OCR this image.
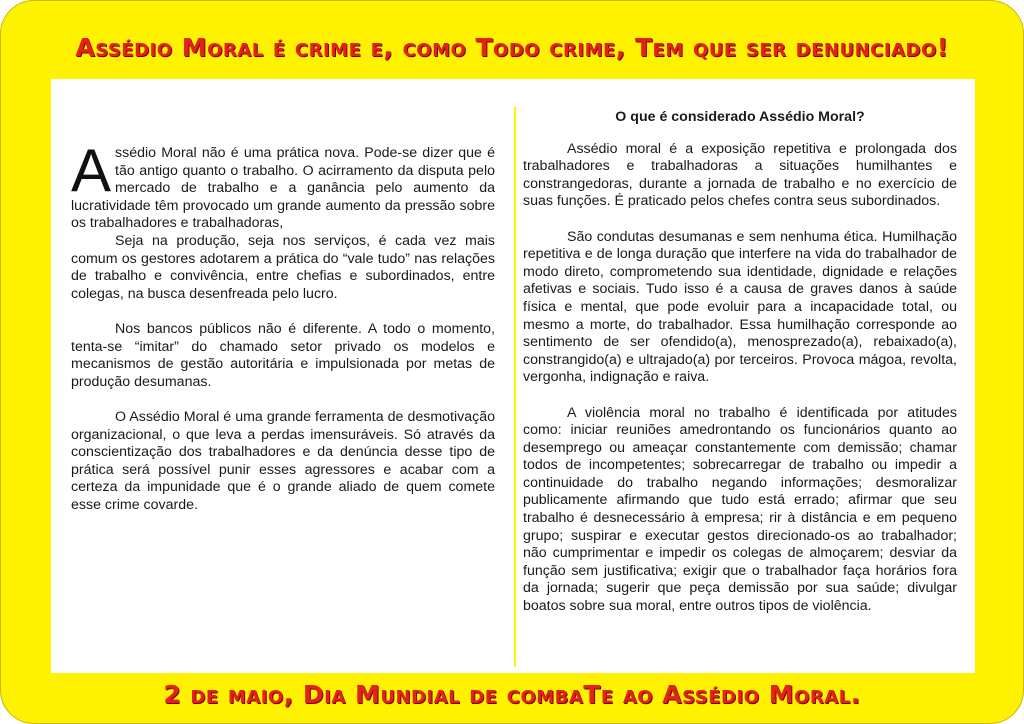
Assédio Moral é crime e, como Todo crime, Tem que ser denunciado!

Assédio Moral não é uma prática nova. Pode-se dizer que é tão antigo quanto o trabalho. O acirramento da disputa pelo mercado de trabalho e a ganância pelo aumento da lucratividade têm provocado um grande aumento da pressão sobre os trabalhadores e trabalhadoras,

Seja na produção, seja nos serviços, é cada vez mais comum os gestores adotarem a prática do “vale tudo” nas relações de trabalho e convivência, entre chefias e subordinados, entre colegas, na busca desenfreada pelo lucro.

Nos bancos públicos não é diferente. A todo o momento, tenta-se “imitar” do chamado setor privado os modelos e mecanismos de gestão autoritária e impulsionada por metas de produção desumanas.

O Assédio Moral é uma grande ferramenta de desmotivação organizacional, o que leva a perdas imensuráveis. Só através da conscientização dos trabalhadores e da denúncia desse tipo de prática será possível punir esses agressores e acabar com a certeza da impunidade que é o grande aliado de quem comete esse crime covarde.

O que é considerado Assédio Moral?

Assédio moral é a exposição repetitiva e prolongada dos trabalhadores e trabalhadoras a situações humilhantes e constrangedoras, durante a jornada de trabalho e no exercício de suas funções. É praticado pelos chefes contra seus subordinados.

São condutas desumanas e sem nenhuma ética. Humilhação repetitiva e de longa duração que interfere na vida do trabalhador de modo direto, comprometendo sua identidade, dignidade e relações afetivas e sociais. Tudo isso é a causa de graves danos à saúde física e mental, que pode evoluir para a incapacidade total, ou mesmo a morte, do trabalhador. Essa humilhação corresponde ao sentimento de ser ofendido(a), menosprezado(a), rebaixado(a), constrangido(a) e ultrajado(a) por terceiros. Provoca mágoa, revolta, vergonha, indignação e raiva.

A violência moral no trabalho é identificada por atitudes como: iniciar reuniões amedrontando os funcionários quanto ao desemprego ou ameaçar constantemente com demissão; chamar todos de incompetentes; sobrecarregar de trabalho ou impedir a continuidade do trabalho negando informações; desmoralizar publicamente afirmando que tudo está errado; afirmar que seu trabalho é desnecessário à empresa; rir à distância e em pequeno grupo; suspirar e executar gestos direcionado-os ao trabalhador; não cumprimentar e impedir os colegas de almoçarem; desviar da função sem justificativa; exigir que o trabalhador faça horários fora da jornada; sugerir que peça demissão por sua saúde; divulgar boatos sobre sua moral, entre outros tipos de violência.

2 de maio, Dia Mundial de combaTe ao Assédio Moral.
